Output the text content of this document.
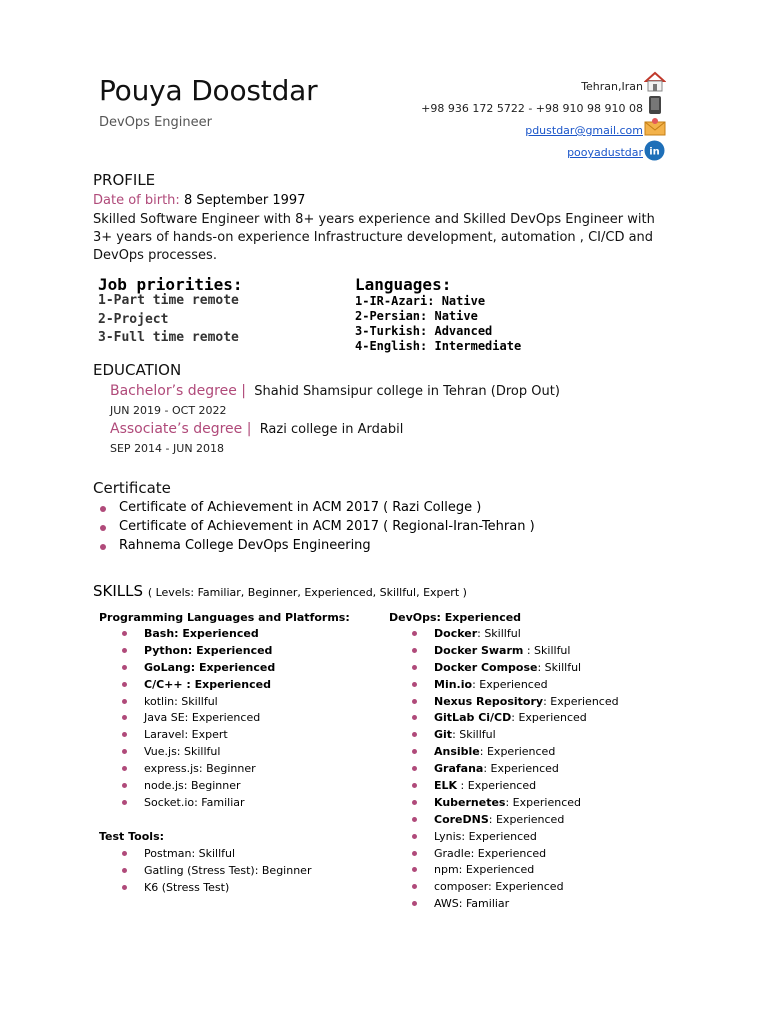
Pouya Doostdar
DevOps Engineer
Tehran,Iran
+98 936 172 5722 - +98 910 98 910 08
pdustdar@gmail.com
pooyadustdar in
PROFILE
Date of birth: 8 September 1997
Skilled Software Engineer with 8+ years experience and Skilled DevOps Engineer with 3+ years of hands-on experience Infrastructure development, automation , CI/CD and DevOps processes.
Job priorities:
1-Part time remote
2-Project
3-Full time remote
Languages:
1-IR-Azari: Native
2-Persian: Native
3-Turkish: Advanced
4-English: Intermediate
EDUCATION
Bachelor’s degree | Shahid Shamsipur college in Tehran (Drop Out)
JUN 2019 - OCT 2022
Associate’s degree | Razi college in Ardabil
SEP 2014 - JUN 2018
Certificate
Certificate of Achievement in ACM 2017 ( Razi College )
Certificate of Achievement in ACM 2017 ( Regional-Iran-Tehran )
Rahnema College DevOps Engineering
SKILLS ( Levels: Familiar, Beginner, Experienced, Skillful, Expert )
Programming Languages and Platforms:
Bash: Experienced
Python: Experienced
GoLang: Experienced
C/C++ : Experienced
kotlin: Skillful
Java SE: Experienced
Laravel: Expert
Vue.js: Skillful
express.js: Beginner
node.js: Beginner
Socket.io: Familiar
Test Tools:
Postman: Skillful
Gatling (Stress Test): Beginner
K6 (Stress Test)
DevOps: Experienced
Docker: Skillful
Docker Swarm : Skillful
Docker Compose: Skillful
Min.io: Experienced
Nexus Repository: Experienced
GitLab Ci/CD: Experienced
Git: Skillful
Ansible: Experienced
Grafana: Experienced
ELK : Experienced
Kubernetes: Experienced
CoreDNS: Experienced
Lynis: Experienced
Gradle: Experienced
npm: Experienced
composer: Experienced
AWS: Familiar
